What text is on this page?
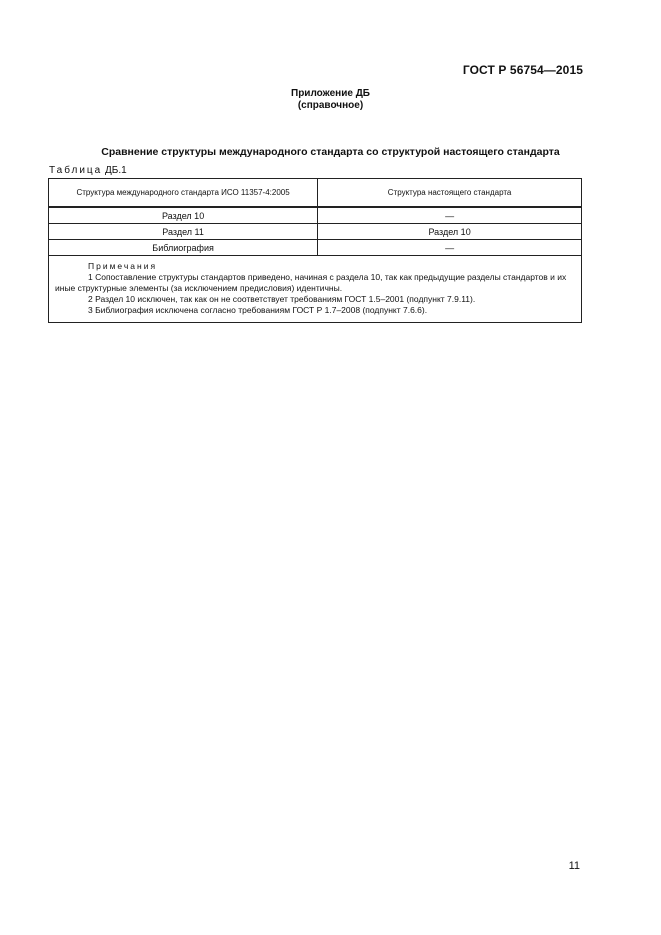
ГОСТ Р 56754—2015
Приложение ДБ
(справочное)
Сравнение структуры международного стандарта со структурой настоящего стандарта
Таблица ДБ.1
Структура международного стандарта ИСО 11357-4:2005	Структура настоящего стандарта
Раздел 10	—
Раздел 11	Раздел 10
Библиография	—

Примечания
1 Сопоставление структуры стандартов приведено, начиная с раздела 10, так как предыдущие разделы стандартов и их иные структурные элементы (за исключением предисловия) идентичны.
2 Раздел 10 исключен, так как он не соответствует требованиям ГОСТ 1.5–2001 (подпункт 7.9.11).
3 Библиография исключена согласно требованиям ГОСТ Р 1.7–2008 (подпункт 7.6.6).	
11
